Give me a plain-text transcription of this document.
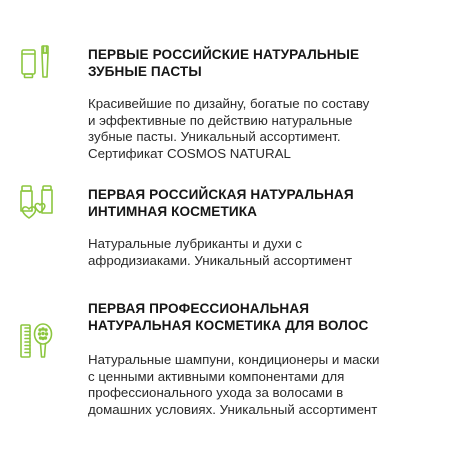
ПЕРВЫЕ РОССИЙСКИЕ НАТУРАЛЬНЫЕ
ЗУБНЫЕ ПАСТЫ

Красивейшие по дизайну, богатые по составу
и эффективные по действию натуральные
зубные пасты. Уникальный ассортимент.
Сертификат COSMOS NATURAL

ПЕРВАЯ РОССИЙСКАЯ НАТУРАЛЬНАЯ
ИНТИМНАЯ КОСМЕТИКА

Натуральные лубриканты и духи с
афродизиаками. Уникальный ассортимент

ПЕРВАЯ ПРОФЕССИОНАЛЬНАЯ
НАТУРАЛЬНАЯ КОСМЕТИКА ДЛЯ ВОЛОС

Натуральные шампуни, кондиционеры и маски
с ценными активными компонентами для
профессионального ухода за волосами в
домашних условиях. Уникальный ассортимент
